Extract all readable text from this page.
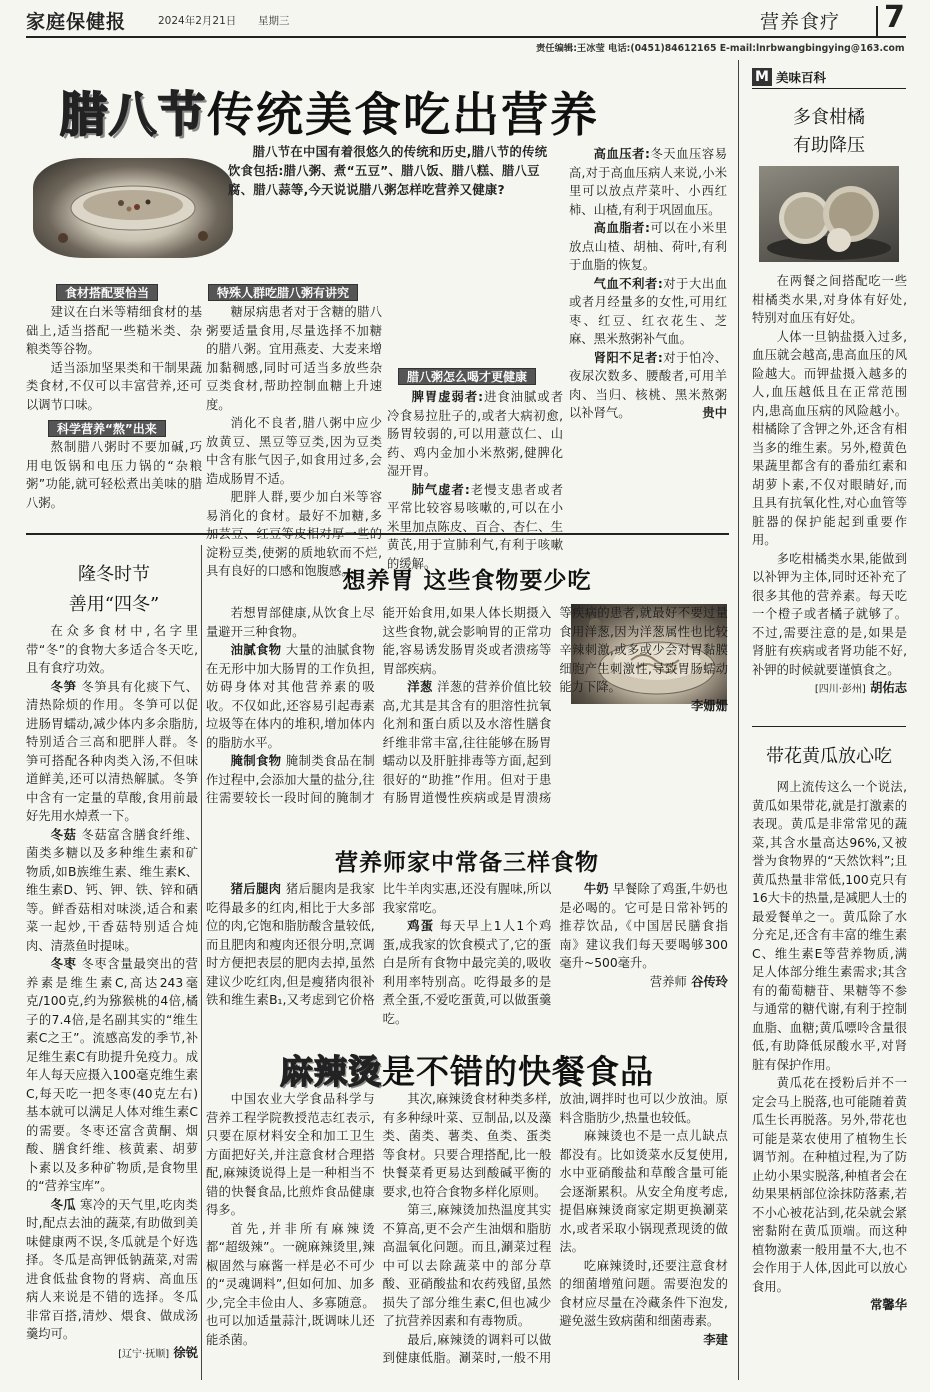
家庭保健报	2024年2月21日 星期三	营养食疗 7
责任编辑:王冰莹 电话:(0451)84612165 E-mail:lnrbwangbingying@163.com
腊八节传统美食吃出营养
腊八节在中国有着很悠久的传统和历史,腊八节的传统饮食包括:腊八粥、煮“五豆”、腊八饭、腊八糕、腊八豆腐、腊八蒜等,今天说说腊八粥怎样吃营养又健康?
食材搭配要恰当

建议在白米等精细食材的基础上,适当搭配一些糙米类、杂粮类等谷物。

适当添加坚果类和干制果蔬类食材,不仅可以丰富营养,还可以调节口味。

熬制腊八粥时不要加碱,巧用电饭锅和电压力锅的“杂粮粥”功能,就可轻松煮出美味的腊八粥。

科学营养“熬”出来
特殊人群吃腊八粥有讲究

糖尿病患者对于含糖的腊八粥要适量食用,尽量选择不加糖的腊八粥。宜用燕麦、大麦来增加黏稠感,同时可适当多放些杂豆类食材,帮助控制血糖上升速度。

消化不良者,腊八粥中应少放黄豆、黑豆等豆类,因为豆类中含有胀气因子,如食用过多,会造成肠胃不适。

肥胖人群,要少加白米等容易消化的食材。最好不加糖,多 淀粉豆类,使粥的质地软而不烂,具有良好的口感和饱腹感。

脾胃虚弱者:进食油腻或者冷食易拉肚子的,或者大病初愈,肠胃较弱的,可以用薏苡仁、山药、鸡内金加小米熬粥,健脾化湿开胃。

肺气虚者:老慢支患者或者平常比较容易咳嗽的,可以在小米里加点陈皮、百合、杏仁、生黄芪,用于宣肺利气,有利于咳嗽的缓解。

腊八粥怎么喝才更健康

高血压者:冬天血压容易高,对于高血压病人来说,小米里可以放点芹菜叶、小西红柿、山楂,有利于巩固血压。

高血脂者:可以在小米里放点山楂、胡柚、荷叶,有利于血脂的恢复。

气血不利者:对于大出血或者月经量多的女性,可用红枣、红豆、红衣花生、芝麻、黑米熬粥补气血。

肾阳不足者:对于怕冷、夜尿次数多、腰酸者,可用羊肉、当归、核桃、黑米熬粥以补肾气。	贵中

M 美味百科
多食柑橘
有助降压

在两餐之间搭配吃一些柑橘类水果,对身体有好处,特别对血压有好处。

人体一旦钠盐摄入过多,血压就会越高,患高血压的风险越大。而钾盐摄入越多的人,血压越低且在正常范围内,患高血压病的风险越小。柑橘除了含钾之外,还含有相当多的维生素。另外,橙黄色果蔬里都含有的番茄红素和胡萝卜素,不仅对眼睛好,而且具有抗氧化性,对心血管等脏器的保护能起到重要作用。

多吃柑橘类水果,能做到以补钾为主体,同时还补充了很多其他的营养素。每天吃一个橙子或者橘子就够了。不过,需要注意的是,如果是肾脏有疾病或者肾功能不好,补钾的时候就要谨慎食之。

[四川·彭州] 胡佑志
带花黄瓜放心吃

网上流传这么一个说法,黄瓜如果带花,就是打激素的表现。黄瓜是非常常见的蔬菜,其含水量高达96%,又被誉为食物界的“天然饮料”;且黄瓜热量非常低,100克只有16大卡的热量,是减肥人士的最爱餐单之一。黄瓜除了水分充足,还含有丰富的维生素C、维生素E等营养物质,满足人体部分维生素需求;其含有的葡萄糖苷、果糖等不参与通常的糖代谢,有利于控制血脂、血糖;黄瓜嘌呤含量很低,有助降低尿酸水平,对肾脏有保护作用。

黄瓜花在授粉后并不一定会马上脱落,也可能随着黄瓜生长再脱落。另外,带花也可能是菜农使用了植物生长调节剂。在种植过程,为了防止幼小果实脱落,种植者会在幼果果柄部位涂抹防落素,若不小心被花沾到,花朵就会紧密黏附在黄瓜顶端。而这种植物激素一般用量不大,也不会作用于人体,因此可以放心食用。

常馨华
隆冬时节
善用“四冬”

在众多食材中,名字里带“冬”的食物大多适合冬天吃,且有食疗功效。

冬笋 冬笋具有化痰下气、清热除烦的作用。冬笋可以促进肠胃蠕动,减少体内多余脂肪,特别适合三高和肥胖人群。冬笋可搭配各种肉类入汤,不但味道鲜美,还可以清热解腻。冬笋中含有一定量的草酸,食用前最好先用水焯煮一下。

冬菇 冬菇富含膳食纤维、菌类多糖以及多种维生素和矿物质,如B族维生素、维生素K、维生素D、钙、钾、铁、锌和硒等。鲜香菇相对味淡,适合和素菜一起炒,干香菇特别适合炖肉、清蒸鱼时提味。

冬枣 冬枣含量最突出的营养素是维生素C,高达243毫克/100克,约为猕猴桃的4倍,橘子的7.4倍,是名副其实的“维生素C之王”。流感高发的季节,补足维生素C有助提升免疫力。成年人每天应摄入100毫克维生素C,每天吃一把冬枣(40克左右)基本就可以满足人体对维生素C的需要。冬枣还富含黄酮、烟酸、膳食纤维、核黄素、胡萝卜素以及多种矿物质,是食物里的“营养宝库”。

冬瓜 寒冷的天气里,吃肉类时,配点去油的蔬菜,有助做到美味健康两不误,冬瓜就是个好选择。冬瓜是高钾低钠蔬菜,对需进食低盐食物的肾病、高血压病人来说是不错的选择。冬瓜非常百搭,清炒、煨食、做成汤羹均可。

[辽宁·抚顺] 徐锐
想养胃 这些食物要少吃

若想胃部健康,从饮食上尽量避开三种食物。

油腻食物 大量的油腻食物在无形中加大肠胃的工作负担,妨碍身体对其他营养素的吸收。不仅如此,还容易引起毒素垃圾等在体内的堆积,增加体内的脂肪水平。

腌制食物 腌制类食品在制作过程中,会添加大量的盐分,往往需要较长一段时间的腌制才能开始食用,如果人体长期摄入这些食物,就会影响胃的正常功能,容易诱发肠胃炎或者溃疡等胃部疾病。

洋葱 洋葱的营养价值比较高,尤其是其含有的胆溶性抗氧化剂和蛋白质以及水溶性膳食纤维非常丰富,往往能够在肠胃蠕动以及肝脏排毒等方面,起到很好的“助推”作用。但对于患有肠胃道慢性疾病或是胃溃疡等疾病的患者,就最好不要过量食用洋葱,因为洋葱属性也比较辛辣刺激,或多或少会对胃黏膜细胞产生刺激性,导致胃肠蠕动能力下降。

李姗姗
营养师家中常备三样食物

猪后腿肉 猪后腿肉是我家吃得最多的红肉,相比于大多部位的肉,它饱和脂肪酸含量较低,而且肥肉和瘦肉还很分明,烹调时方便把表层的肥肉去掉,虽然建议少吃红肉,但是瘦猪肉很补铁和维生素B₁,又考虑到它价格比牛羊肉实惠,还没有腥味,所以我家常吃。

鸡蛋 每天早上1人1个鸡蛋,成我家的饮食模式了,它的蛋白是所有食物中最完美的,吸收利用率特别高。吃得最多的是煮全蛋,不爱吃蛋黄,可以做蛋羹吃。

牛奶 早餐除了鸡蛋,牛奶也是必喝的。它可是日常补钙的推荐饮品,《中国居民膳食指南》建议我们每天要喝够300毫升~500毫升。

营养师 谷传玲
麻辣烫是不错的快餐食品

中国农业大学食品科学与营养工程学院教授范志红表示,只要在原材料安全和加工卫生方面把好关,并注意食材合理搭配,麻辣烫说得上是一种相当不错的快餐食品,比煎炸食品健康得多。

首先,并非所有麻辣烫都“超级辣”。一碗麻辣烫里,辣椒固然与麻酱一样是必不可少的“灵魂调料”,但如何加、加多少,完全丰俭由人、多寡随意。也可以加适量蒜汁,既调味儿还能杀菌。

其次,麻辣烫食材种类多样,有多种绿叶菜、豆制品,以及藻类、菌类、薯类、鱼类、蛋类等食材。只要合理搭配,比一般快餐菜肴更易达到酸碱平衡的要求,也符合食物多样化原则。

第三,麻辣烫加热温度其实不算高,更不会产生油烟和脂肪高温氧化问题。而且,涮菜过程中可以去除蔬菜中的部分草酸、亚硝酸盐和农药残留,虽然损失了部分维生素C,但也减少了抗营养因素和有毒物质。

最后,麻辣烫的调料可以做到健康低脂。涮菜时,一般不用放油,调拌时也可以少放油。原料含脂肪少,热量也较低。

麻辣烫也不是一点儿缺点都没有。比如烫菜水反复使用,水中亚硝酸盐和草酸含量可能会逐渐累积。从安全角度考虑,提倡麻辣烫商家定期更换涮菜水,或者采取小锅现煮现烫的做法。

吃麻辣烫时,还要注意食材的细菌增殖问题。需要泡发的食材应尽量在冷藏条件下泡发,避免滋生致病菌和细菌毒素。

李建
